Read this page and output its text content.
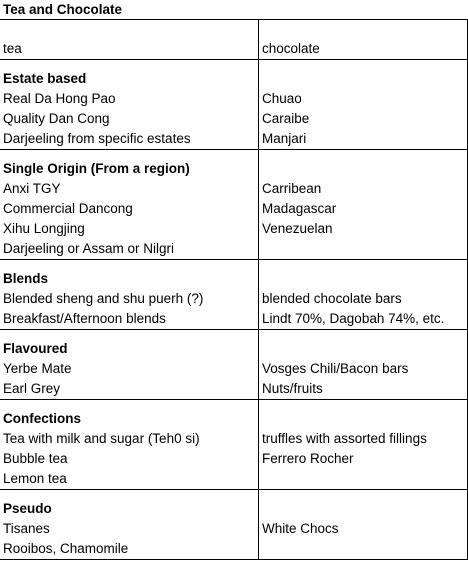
Tea and Chocolate
tea	chocolate
Estate based	
Real Da Hong Pao	Chuao
Quality Dan Cong	Caraibe
Darjeeling from specific estates	Manjari
Single Origin (From a region)	
Anxi TGY	Carribean
Commercial Dancong	Madagascar
Xihu Longjing	Venezuelan
Darjeeling or Assam or Nilgri	
Blends	
Blended sheng and shu puerh (?)	blended chocolate bars
Breakfast/Afternoon blends	Lindt 70%, Dagobah 74%, etc.
Flavoured	
Yerbe Mate	Vosges Chili/Bacon bars
Earl Grey	Nuts/fruits
Confections	
Tea with milk and sugar (Teh0 si)	truffles with assorted fillings
Bubble tea	Ferrero Rocher
Lemon tea	
Pseudo	
Tisanes	White Chocs
Rooibos, Chamomile	
